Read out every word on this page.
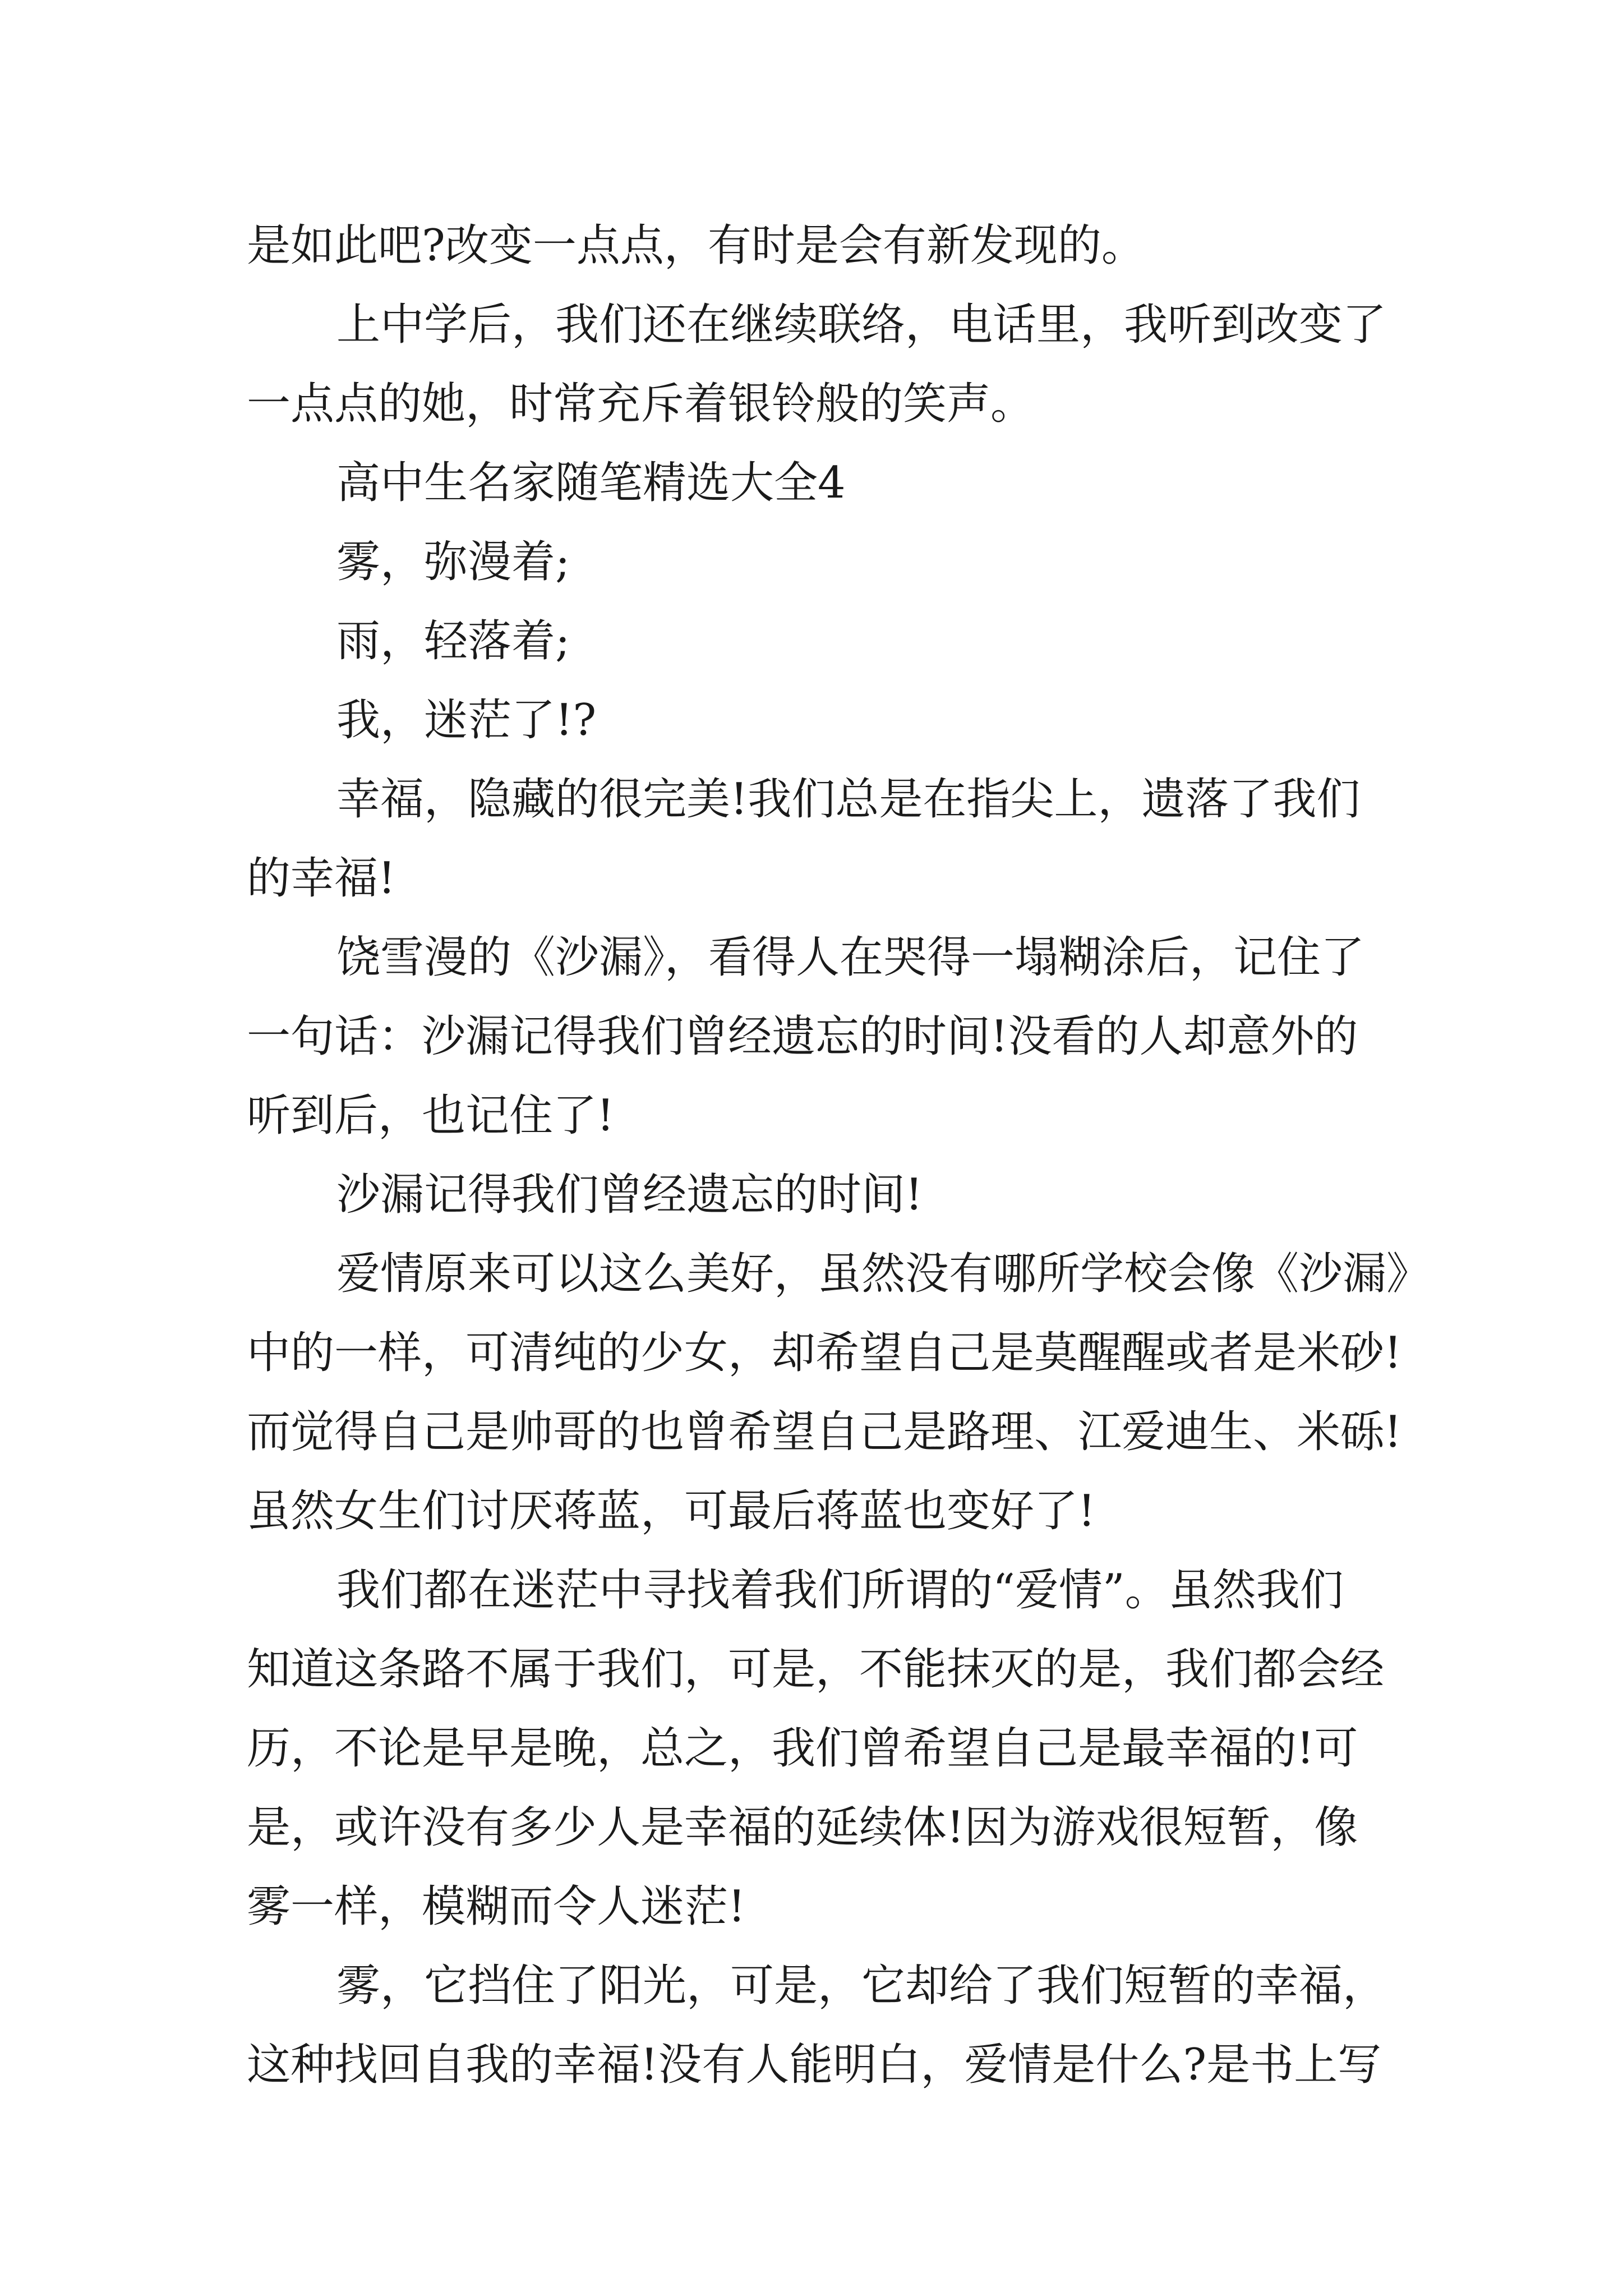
是如此吧?改变一点点，有时是会有新发现的。

上中学后，我们还在继续联络，电话里，我听到改变了

一点点的她，时常充斥着银铃般的笑声。

高中生名家随笔精选大全4

雾，弥漫着;

雨，轻落着;

我，迷茫了!?

幸福，隐藏的很完美!我们总是在指尖上，遗落了我们

的幸福!

饶雪漫的《沙漏》，看得人在哭得一塌糊涂后，记住了

一句话：沙漏记得我们曾经遗忘的时间!没看的人却意外的

听到后，也记住了!

沙漏记得我们曾经遗忘的时间!

爱情原来可以这么美好，虽然没有哪所学校会像《沙漏》

中的一样，可清纯的少女，却希望自己是莫醒醒或者是米砂!

而觉得自己是帅哥的也曾希望自己是路理、江爱迪生、米砾!

虽然女生们讨厌蒋蓝，可最后蒋蓝也变好了!

我们都在迷茫中寻找着我们所谓的“爱情”。虽然我们

知道这条路不属于我们，可是，不能抹灭的是，我们都会经

历，不论是早是晚，总之，我们曾希望自己是最幸福的!可

是，或许没有多少人是幸福的延续体!因为游戏很短暂，像

雾一样，模糊而令人迷茫!

雾，它挡住了阳光，可是，它却给了我们短暂的幸福，

这种找回自我的幸福!没有人能明白，爱情是什么?是书上写
